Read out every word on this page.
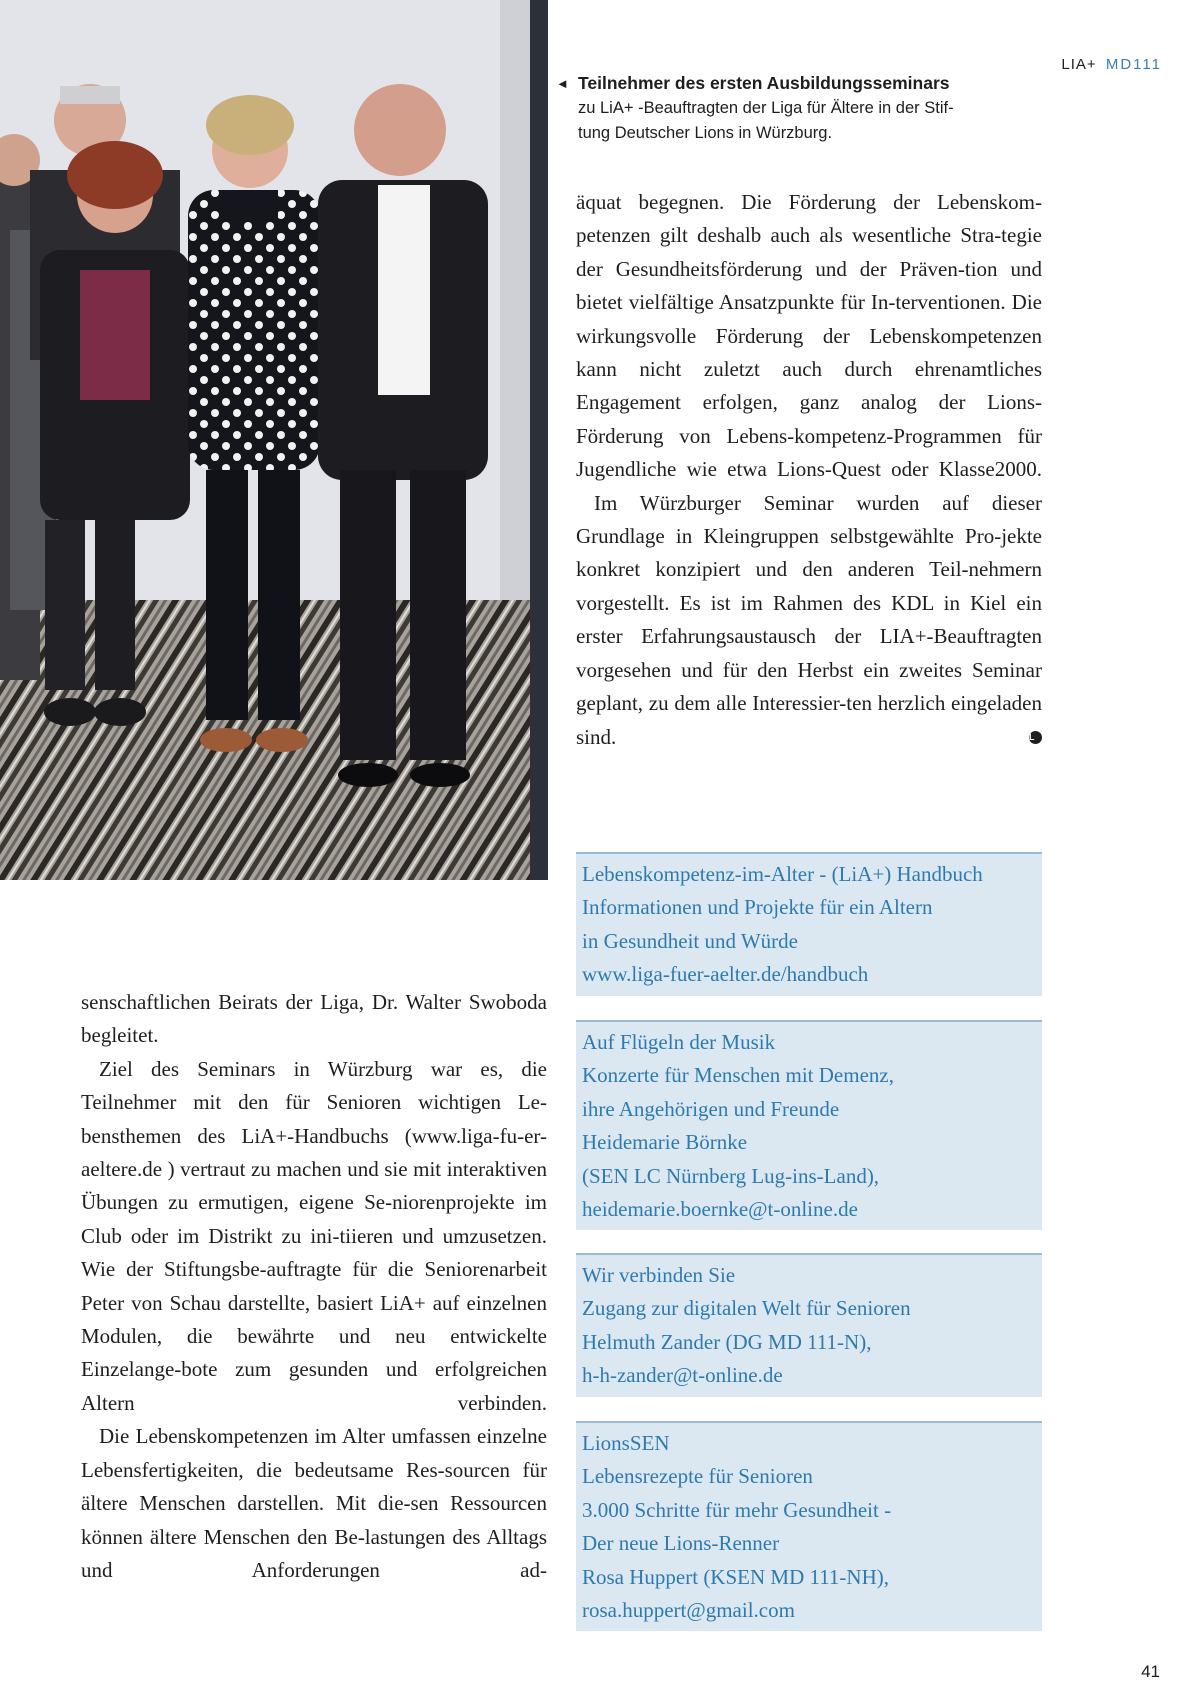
LIA+ MD111
◄ Teilnehmer des ersten Ausbildungsseminars
zu LiA+ -Beauftragten der Liga für Ältere in der Stif-
tung Deutscher Lions in Würzburg.

äquat begegnen. Die Förderung der Lebenskom-petenzen gilt deshalb auch als wesentliche Stra-tegie der Gesundheitsförderung und der Präven-tion und bietet vielfältige Ansatzpunkte für In-terventionen. Die wirkungsvolle Förderung der Lebenskompetenzen kann nicht zuletzt auch durch ehrenamtliches Engagement erfolgen, ganz analog der Lions-Förderung von Lebens-kompetenz-Programmen für Jugendliche wie etwa Lions-Quest oder Klasse2000.

Im Würzburger Seminar wurden auf dieser Grundlage in Kleingruppen selbstgewählte Pro-jekte konkret konzipiert und den anderen Teil-nehmern vorgestellt. Es ist im Rahmen des KDL in Kiel ein erster Erfahrungsaustausch der LIA+-Beauftragten vorgesehen und für den Herbst ein zweites Seminar geplant, zu dem alle Interessier-ten herzlich eingeladen sind.	L

Lebenskompetenz-im-Alter - (LiA+) Handbuch
Informationen und Projekte für ein Altern
in Gesundheit und Würde
www.liga-fuer-aelter.de/handbuch
Auf Flügeln der Musik
Konzerte für Menschen mit Demenz,
ihre Angehörigen und Freunde
Heidemarie Börnke
(SEN LC Nürnberg Lug-ins-Land),
heidemarie.boernke@t-online.de
Wir verbinden Sie
Zugang zur digitalen Welt für Senioren
Helmuth Zander (DG MD 111-N),
h-h-zander@t-online.de
LionsSEN
Lebensrezepte für Senioren
3.000 Schritte für mehr Gesundheit -
Der neue Lions-Renner
Rosa Huppert (KSEN MD 111-NH),
rosa.huppert@gmail.com

senschaftlichen Beirats der Liga, Dr. Walter Swoboda begleitet.

Ziel des Seminars in Würzburg war es, die Teilnehmer mit den für Senioren wichtigen Le-bensthemen des LiA+-Handbuchs (www.liga-fu-er-aeltere.de ) vertraut zu machen und sie mit interaktiven Übungen zu ermutigen, eigene Se-niorenprojekte im Club oder im Distrikt zu ini-tiieren und umzusetzen. Wie der Stiftungsbe-auftragte für die Seniorenarbeit Peter von Schau darstellte, basiert LiA+ auf einzelnen Modulen, die bewährte und neu entwickelte Einzelange-bote zum gesunden und erfolgreichen Altern verbinden.

Die Lebenskompetenzen im Alter umfassen einzelne Lebensfertigkeiten, die bedeutsame Res-sourcen für ältere Menschen darstellen. Mit die-sen Ressourcen können ältere Menschen den Be-lastungen des Alltags und Anforderungen ad-

41
